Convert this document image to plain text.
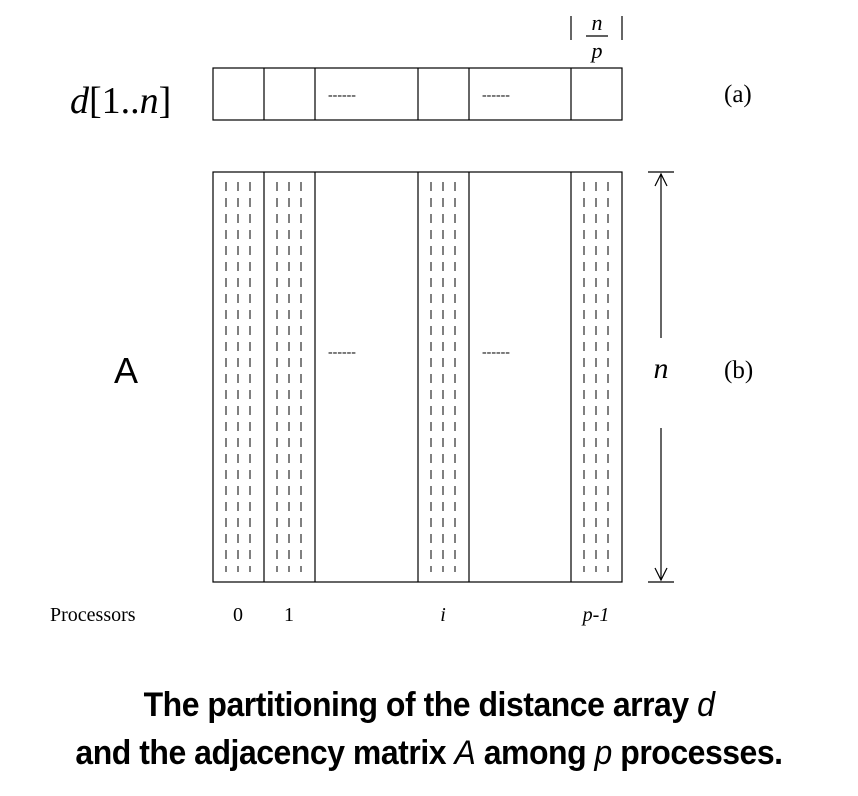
d[1..n]	------	------
n
p
(a)
A	------	------	n (b)
Processors	0 1	i	p-1
The partitioning of the distance array d
and the adjacency matrix A among p processes.
